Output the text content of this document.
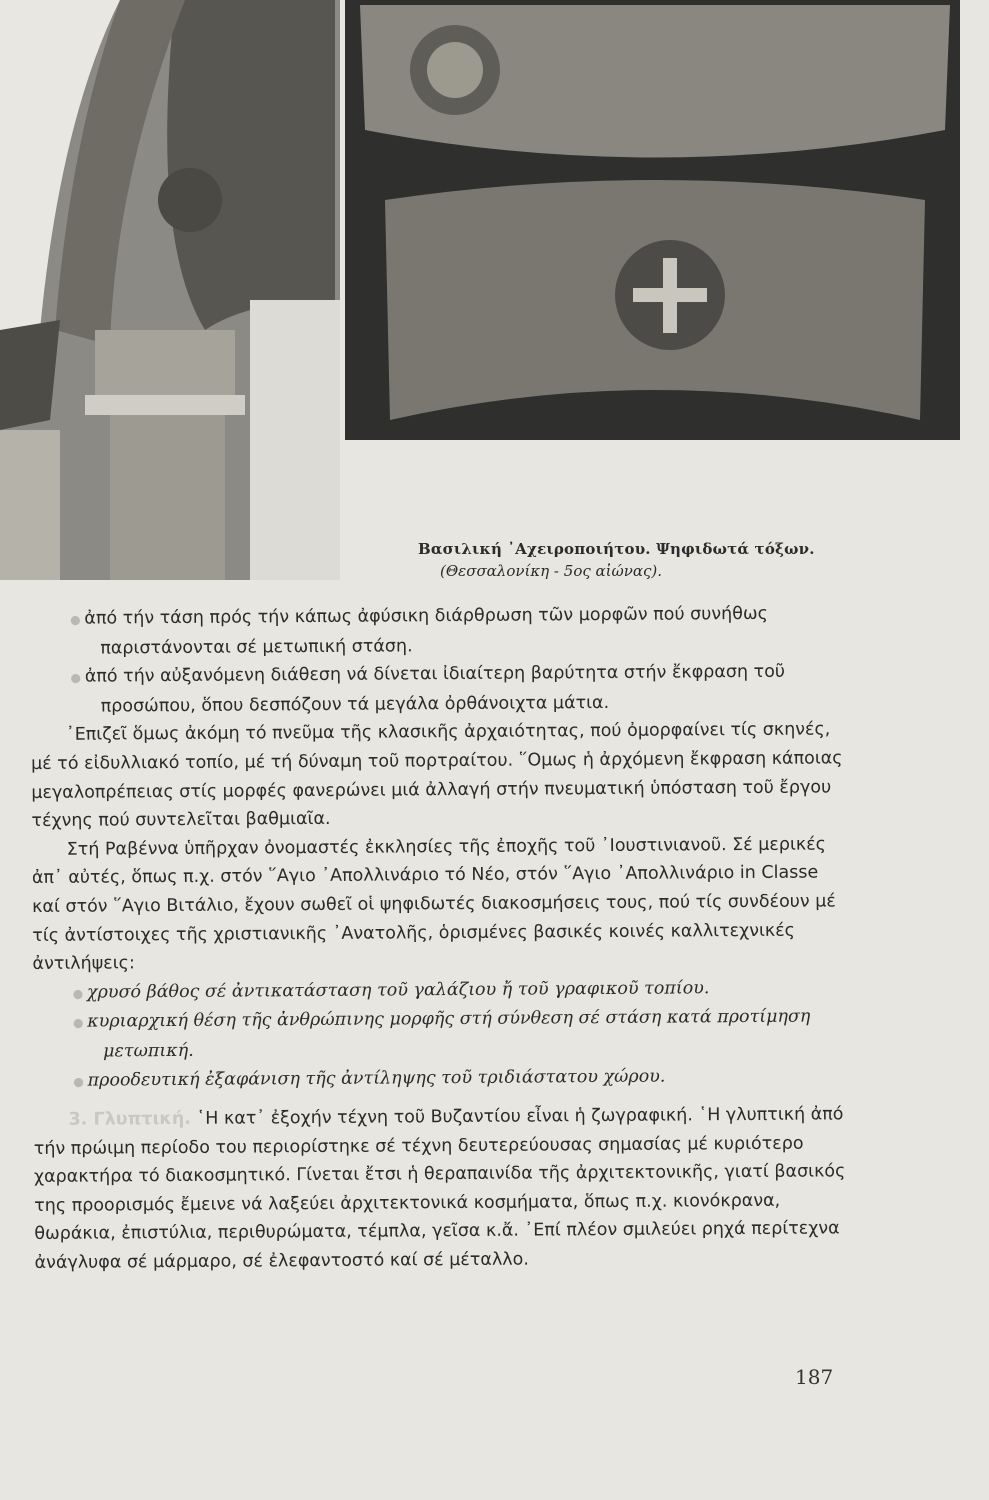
Βασιλική ᾿Αχειροποιήτου. Ψηφιδωτά τόξων.
(Θεσσαλονίκη - 5ος αἰώνας).

● ἀπό τήν τάση πρός τήν κάπως ἀφύσικη διάρθρωση τῶν μορφῶν πού συνήθως παριστάνονται σέ μετωπική στάση.

● ἀπό τήν αὐξανόμενη διάθεση νά δίνεται ἰδιαίτερη βαρύτητα στήν ἔκφραση τοῦ προσώπου, ὅπου δεσπόζουν τά μεγάλα ὀρθάνοιχτα μάτια.

᾿Επιζεῖ ὅμως ἀκόμη τό πνεῦμα τῆς κλασικῆς ἀρχαιότητας, πού ὀμορφαίνει τίς σκηνές, μέ τό εἰδυλλιακό τοπίο, μέ τή δύναμη τοῦ πορτραίτου. ῞Ομως ἡ ἀρχόμενη ἔκφραση κάποιας μεγαλοπρέπειας στίς μορφές φανερώνει μιά ἀλλαγή στήν πνευματική ὑπόσταση τοῦ ἔργου τέχνης πού συντελεῖται βαθμιαῖα.

Στή Ραβέννα ὑπῆρχαν ὀνομαστές ἐκκλησίες τῆς ἐποχῆς τοῦ ᾿Ιουστινιανοῦ. Σέ μερικές ἀπ᾿ αὐτές, ὅπως π.χ. στόν ῞Αγιο ᾿Απολλινάριο τό Νέο, στόν ῞Αγιο ᾿Απολλινάριο in Classe καί στόν ῞Αγιο Βιτάλιο, ἔχουν σωθεῖ οἱ ψηφιδωτές διακοσμήσεις τους, πού τίς συνδέουν μέ τίς ἀντίστοιχες τῆς χριστιανικῆς ᾿Ανατολῆς, ὁρισμένες βασικές κοινές καλλιτεχνικές ἀντιλήψεις:

● χρυσό βάθος σέ ἀντικατάσταση τοῦ γαλάζιου ἤ τοῦ γραφικοῦ τοπίου.

● κυριαρχική θέση τῆς ἀνθρώπινης μορφῆς στή σύνθεση σέ στάση κατά προτίμηση μετωπική.

● προοδευτική ἐξαφάνιση τῆς ἀντίληψης τοῦ τριδιάστατου χώρου.

3. Γλυπτική. ῾Η κατ᾿ ἐξοχήν τέχνη τοῦ Βυζαντίου εἶναι ἡ ζωγραφική. ῾Η γλυπτική ἀπό τήν πρώιμη περίοδο του περιορίστηκε σέ τέχνη δευτερεύουσας σημασίας μέ κυριότερο χαρακτήρα τό διακοσμητικό. Γίνεται ἔτσι ἡ θεραπαινίδα τῆς ἀρχιτεκτονικῆς, γιατί βασικός της προορισμός ἔμεινε νά λαξεύει ἀρχιτεκτονικά κοσμήματα, ὅπως π.χ. κιονόκρανα, θωράκια, ἐπιστύλια, περιθυρώματα, τέμπλα, γεῖσα κ.ἄ. ᾿Επί πλέον σμιλεύει ρηχά περίτεχνα ἀνάγλυφα σέ μάρμαρο, σέ ἐλεφαντοστό καί σέ μέταλλο.

187
